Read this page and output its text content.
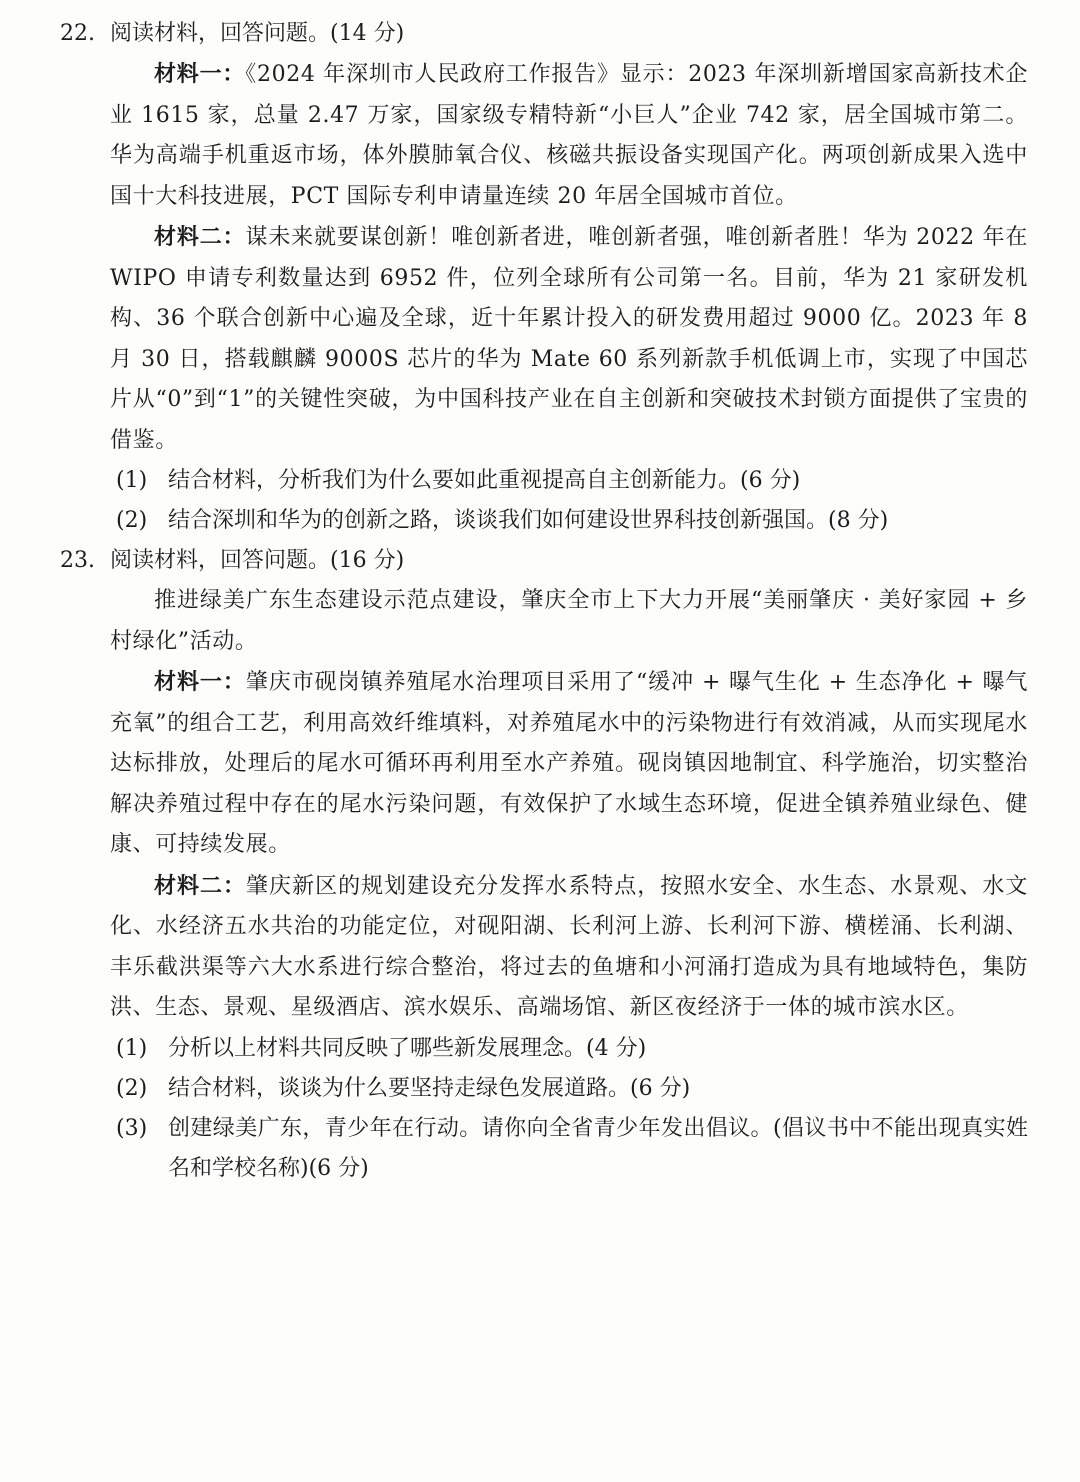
22. 阅读材料，回答问题。(14 分)

材料一：《2024 年深圳市人民政府工作报告》显示：2023 年深圳新增国家高新技术企业 1615 家，总量 2.47 万家，国家级专精特新“小巨人”企业 742 家，居全国城市第二。华为高端手机重返市场，体外膜肺氧合仪、核磁共振设备实现国产化。两项创新成果入选中国十大科技进展，PCT 国际专利申请量连续 20 年居全国城市首位。

材料二：谋未来就要谋创新！唯创新者进，唯创新者强，唯创新者胜！华为 2022 年在 WIPO 申请专利数量达到 6952 件，位列全球所有公司第一名。目前，华为 21 家研发机构、36 个联合创新中心遍及全球，近十年累计投入的研发费用超过 9000 亿。2023 年 8 月 30 日，搭载麒麟 9000S 芯片的华为 Mate 60 系列新款手机低调上市，实现了中国芯片从“0”到“1”的关键性突破，为中国科技产业在自主创新和突破技术封锁方面提供了宝贵的借鉴。

(1) 结合材料，分析我们为什么要如此重视提高自主创新能力。(6 分)
(2) 结合深圳和华为的创新之路，谈谈我们如何建设世界科技创新强国。(8 分)
23. 阅读材料，回答问题。(16 分)

推进绿美广东生态建设示范点建设，肇庆全市上下大力开展“美丽肇庆 · 美好家园 + 乡村绿化”活动。

材料一：肇庆市砚岗镇养殖尾水治理项目采用了“缓冲 + 曝气生化 + 生态净化 + 曝气充氧”的组合工艺，利用高效纤维填料，对养殖尾水中的污染物进行有效消减，从而实现尾水达标排放，处理后的尾水可循环再利用至水产养殖。砚岗镇因地制宜、科学施治，切实整治解决养殖过程中存在的尾水污染问题，有效保护了水域生态环境，促进全镇养殖业绿色、健康、可持续发展。

材料二：肇庆新区的规划建设充分发挥水系特点，按照水安全、水生态、水景观、水文化、水经济五水共治的功能定位，对砚阳湖、长利河上游、长利河下游、横槎涌、长利湖、丰乐截洪渠等六大水系进行综合整治，将过去的鱼塘和小河涌打造成为具有地域特色，集防洪、生态、景观、星级酒店、滨水娱乐、高端场馆、新区夜经济于一体的城市滨水区。

(1) 分析以上材料共同反映了哪些新发展理念。(4 分)
(2) 结合材料，谈谈为什么要坚持走绿色发展道路。(6 分)
(3) 创建绿美广东，青少年在行动。请你向全省青少年发出倡议。(倡议书中不能出现真实姓名和学校名称)(6 分)
